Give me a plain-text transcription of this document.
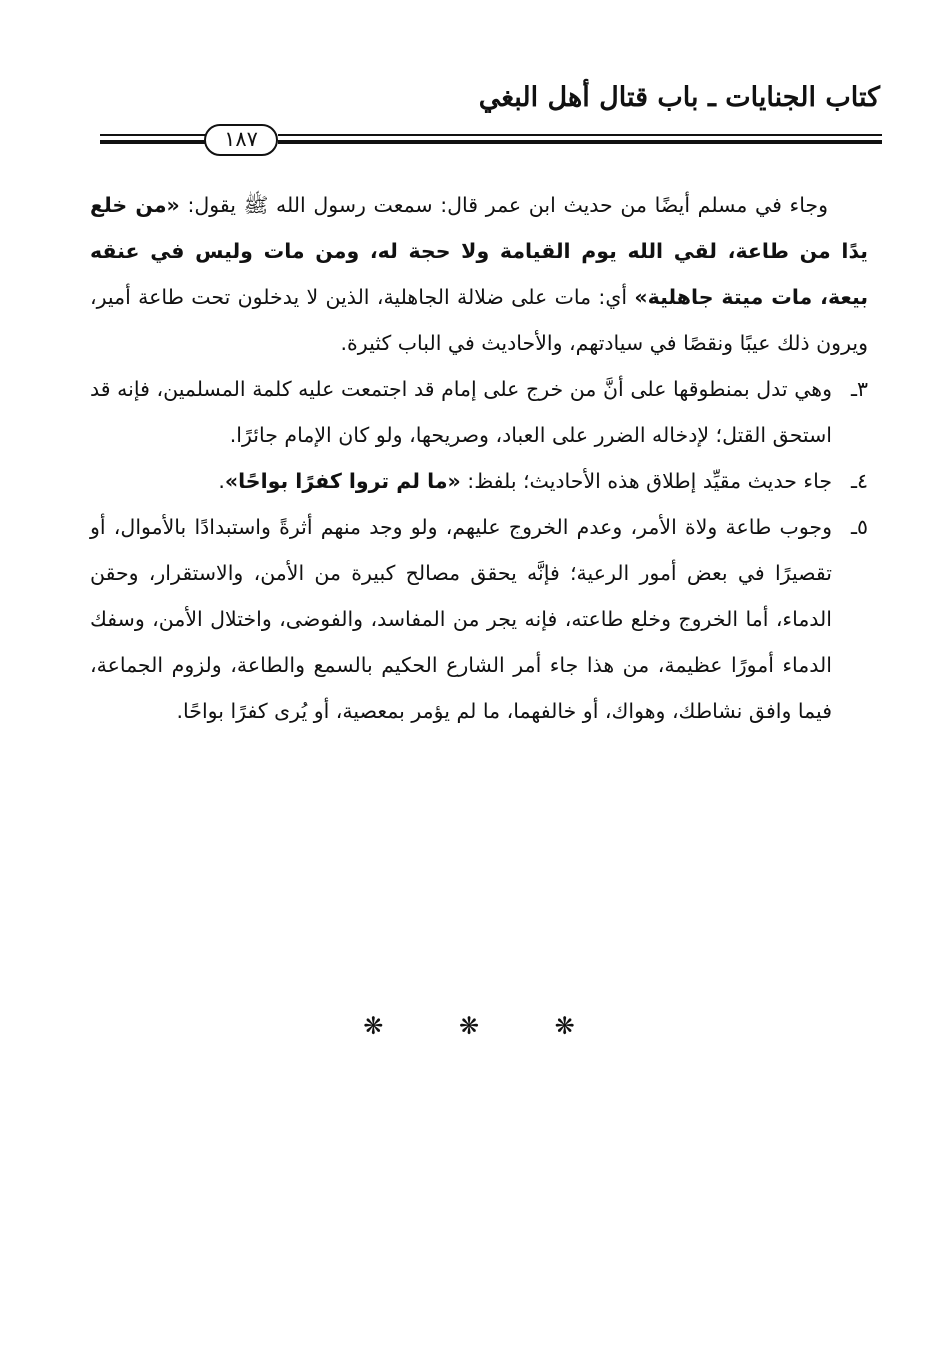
كتاب الجنايات ـ باب قتال أهل البغي
١٨٧

وجاء في مسلم أيضًا من حديث ابن عمر قال: سمعت رسول الله ﷺ يقول: «من خلع يدًا من طاعة، لقي الله يوم القيامة ولا حجة له، ومن مات وليس في عنقه بيعة، مات ميتة جاهلية» أي: مات على ضلالة الجاهلية، الذين لا يدخلون تحت طاعة أمير، ويرون ذلك عيبًا ونقصًا في سيادتهم، والأحاديث في الباب كثيرة.

٣ـ
وهي تدل بمنطوقها على أنَّ من خرج على إمام قد اجتمعت عليه كلمة المسلمين، فإنه قد استحق القتل؛ لإدخاله الضرر على العباد، وصريحها، ولو كان الإمام جائرًا.

٤ـ
جاء حديث مقيِّد إطلاق هذه الأحاديث؛ بلفظ: «ما لم تروا كفرًا بواحًا».

٥ـ
وجوب طاعة ولاة الأمر، وعدم الخروج عليهم، ولو وجد منهم أثرةً واستبدادًا بالأموال، أو تقصيرًا في بعض أمور الرعية؛ فإنَّه يحقق مصالح كبيرة من الأمن، والاستقرار، وحقن الدماء، أما الخروج وخلع طاعته، فإنه يجر من المفاسد، والفوضى، واختلال الأمن، وسفك الدماء أمورًا عظيمة، من هذا جاء أمر الشارع الحكيم بالسمع والطاعة، ولزوم الجماعة، فيما وافق نشاطك، وهواك، أو خالفهما، ما لم يؤمر بمعصية، أو يُرى كفرًا بواحًا.

❋ ❋ ❋
